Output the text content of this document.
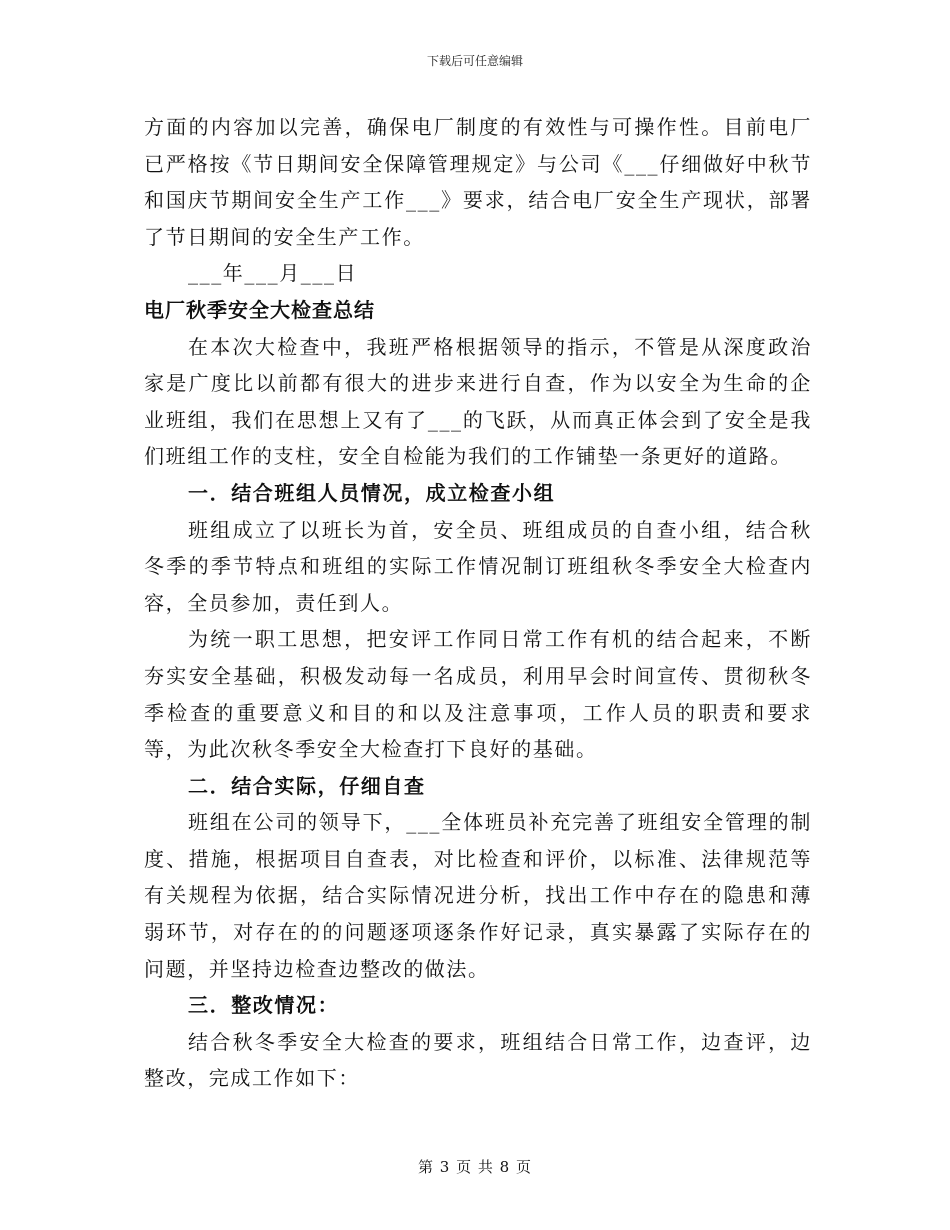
下载后可任意编辑

方面的内容加以完善，确保电厂制度的有效性与可操作性。目前电厂已严格按《节日期间安全保障管理规定》与公司《___仔细做好中秋节和国庆节期间安全生产工作___》要求，结合电厂安全生产现状，部署了节日期间的安全生产工作。

___年___月___日

电厂秋季安全大检查总结

在本次大检查中，我班严格根据领导的指示，不管是从深度政治家是广度比以前都有很大的进步来进行自查，作为以安全为生命的企业班组，我们在思想上又有了___的飞跃，从而真正体会到了安全是我们班组工作的支柱，安全自检能为我们的工作铺垫一条更好的道路。

一．结合班组人员情况，成立检查小组

班组成立了以班长为首，安全员、班组成员的自查小组，结合秋冬季的季节特点和班组的实际工作情况制订班组秋冬季安全大检查内容，全员参加，责任到人。

为统一职工思想，把安评工作同日常工作有机的结合起来，不断夯实安全基础，积极发动每一名成员，利用早会时间宣传、贯彻秋冬季检查的重要意义和目的和以及注意事项，工作人员的职责和要求等，为此次秋冬季安全大检查打下良好的基础。

二．结合实际，仔细自查

班组在公司的领导下，___全体班员补充完善了班组安全管理的制度、措施，根据项目自查表，对比检查和评价，以标准、法律规范等有关规程为依据，结合实际情况进分析，找出工作中存在的隐患和薄弱环节，对存在的的问题逐项逐条作好记录，真实暴露了实际存在的问题，并坚持边检查边整改的做法。

三．整改情况：

结合秋冬季安全大检查的要求，班组结合日常工作，边查评，边整改，完成工作如下：

第 3 页 共 8 页
